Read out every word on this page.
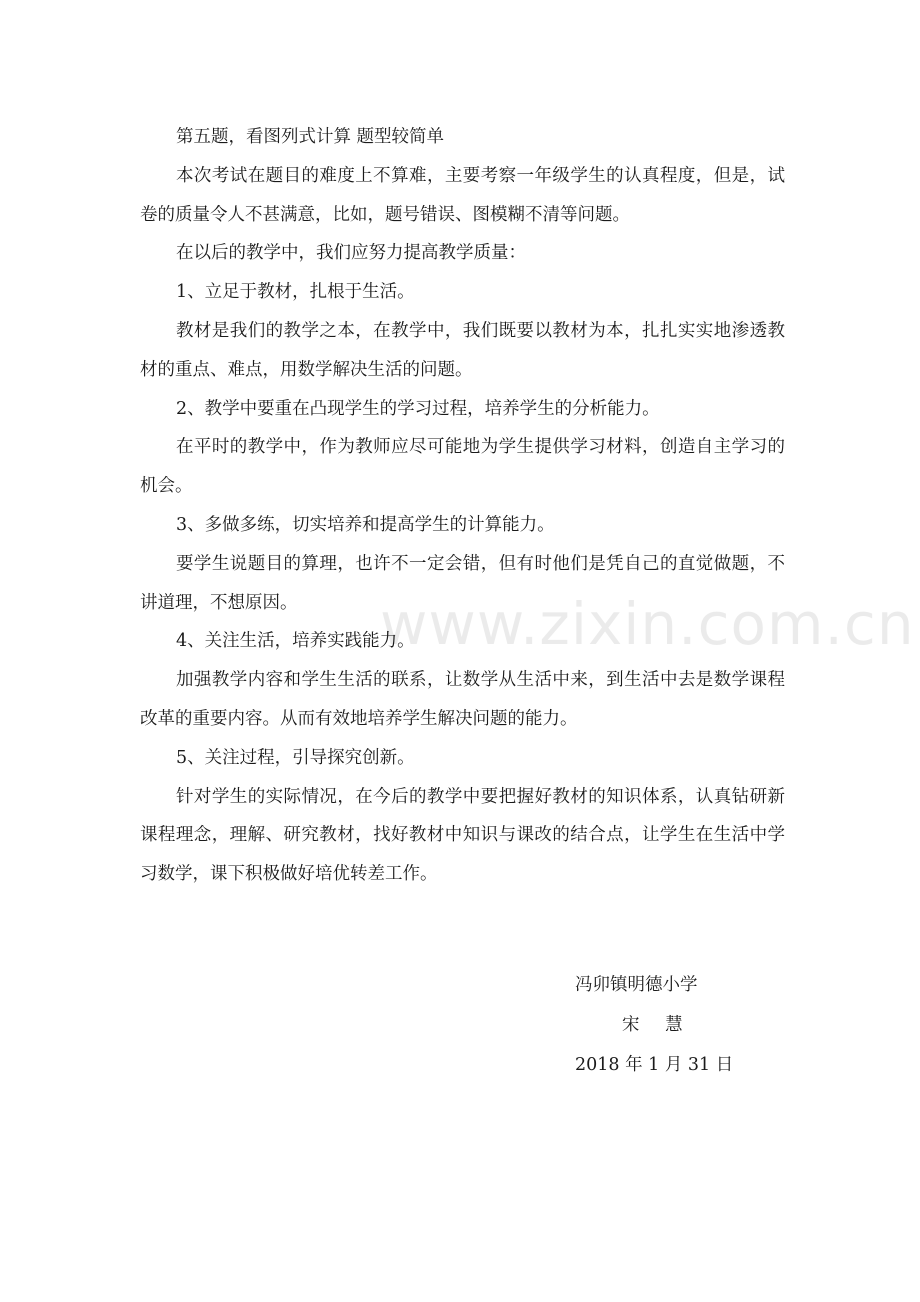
第五题，看图列式计算 题型较简单

本次考试在题目的难度上不算难，主要考察一年级学生的认真程度，但是，试卷的质量令人不甚满意，比如，题号错误、图模糊不清等问题。

在以后的教学中，我们应努力提高教学质量：

1、立足于教材，扎根于生活。

教材是我们的教学之本，在教学中，我们既要以教材为本，扎扎实实地渗透教材的重点、难点，用数学解决生活的问题。

2、教学中要重在凸现学生的学习过程，培养学生的分析能力。

在平时的教学中，作为教师应尽可能地为学生提供学习材料，创造自主学习的机会。

3、多做多练，切实培养和提高学生的计算能力。

要学生说题目的算理，也许不一定会错，但有时他们是凭自己的直觉做题，不讲道理，不想原因。

4、关注生活，培养实践能力。

加强教学内容和学生生活的联系，让数学从生活中来，到生活中去是数学课程改革的重要内容。从而有效地培养学生解决问题的能力。

5、关注过程，引导探究创新。

针对学生的实际情况，在今后的教学中要把握好教材的知识体系，认真钻研新课程理念，理解、研究教材，找好教材中知识与课改的结合点，让学生在生活中学习数学，课下积极做好培优转差工作。

冯卯镇明德小学

宋 慧

2018 年 1 月 31 日

www.zixin.com.cn
